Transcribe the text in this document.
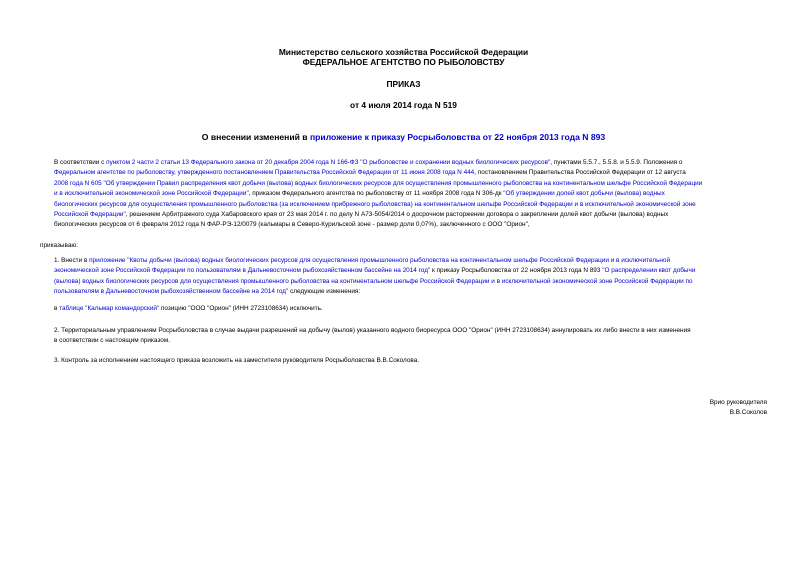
Министерство сельского хозяйства Российской Федерации
ФЕДЕРАЛЬНОЕ АГЕНТСТВО ПО РЫБОЛОВСТВУ
ПРИКАЗ
от 4 июля 2014 года N 519
О внесении изменений в приложение к приказу Росрыболовства от 22 ноября 2013 года N 893
В соответствии с пунктом 2 части 2 статьи 13 Федерального закона от 20 декабря 2004 года N 166-ФЗ "О рыболовстве и сохранении водных биологических ресурсов", пунктами 5.5.7., 5.5.8. и 5.5.9. Положения о
Федеральном агентстве по рыболовству, утвержденного постановлением Правительства Российской Федерации от 11 июня 2008 года N 444, постановлением Правительства Российской Федерации от 12 августа
2008 года N 605 "Об утверждении Правил распределения квот добычи (вылова) водных биологических ресурсов для осуществления промышленного рыболовства на континентальном шельфе Российской Федерации
и в исключительной экономической зоне Российской Федерации", приказом Федерального агентства по рыболовству от 11 ноября 2008 года N 306-дк "Об утверждении долей квот добычи (вылова) водных
биологических ресурсов для осуществления промышленного рыболовства (за исключением прибрежного рыболовства) на континентальном шельфе Российской Федерации и в исключительной экономической зоне
Российской Федерации", решением Арбитражного суда Хабаровского края от 23 мая 2014 г. по делу N А73-5054/2014 о досрочном расторжении договора о закреплении долей квот добычи (вылова) водных
биологических ресурсов от 6 февраля 2012 года N ФАР-РЭ-12/0079 (кальмары в Северо-Курильской зоне - размер доли 0,07%), заключенного с ООО "Орион",
приказываю:
1. Внести в приложение "Квоты добычи (вылова) водных биологических ресурсов для осуществления промышленного рыболовства на континентальном шельфе Российской Федерации и в исключительной
экономической зоне Российской Федерации по пользователям в Дальневосточном рыбохозяйственном бассейне на 2014 год" к приказу Росрыболовства от 22 ноября 2013 года N 893 "О распределении квот добычи
(вылова) водных биологических ресурсов для осуществления промышленного рыболовства на континентальном шельфе Российской Федерации и в исключительной экономической зоне Российской Федерации по
пользователям в Дальневосточном рыбохозяйственном бассейне на 2014 год" следующие изменения:
в таблице "Кальмар командорский" позицию "ООО "Орион" (ИНН 2723108634) исключить.
2. Территориальным управлениям Росрыболовства в случае выдачи разрешений на добычу (вылов) указанного водного биоресурса ООО "Орион" (ИНН 2723108634) аннулировать их либо внести в них изменения
в соответствии с настоящим приказом.
3. Контроль за исполнением настоящего приказа возложить на заместителя руководителя Росрыболовства В.В.Соколова.
Врио руководителя
В.В.Соколов
